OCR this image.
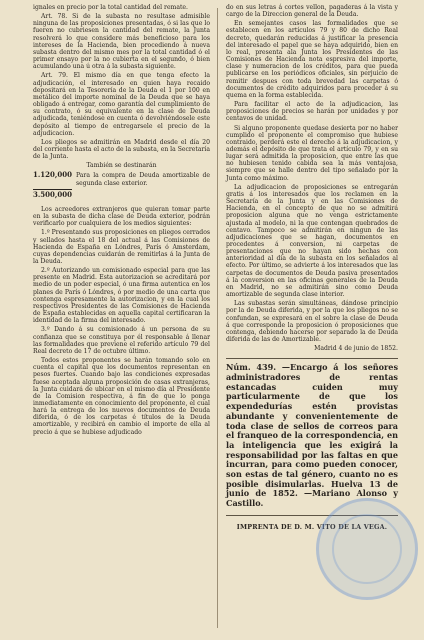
ignales en precio por la total cantidad del remate.

Art. 78. Si de la subasta no resultase admisible ninguna de las proposiciones presentadas, ó si las que lo fueren no cubriesen la cantidad del remate, la Junta resolverá lo que considere más beneficioso para los intereses de la Hacienda, bien procediendo á nueva subasta dentro del mismo mes por la total cantidad ó el primer ensayo por la no cubierta en el segundo, ó bien acumulando una ú otra á la subasta siguiente.

Art. 79. El mismo día en que tenga efecto la adjudicación, el interesado en quien haya recaido depositará en la Tesorería de la Deuda el 1 por 100 en metálico del importe nominal de la Deuda que se haya obligado á entregar, como garantía del cumplimiento de su contrato, ó su equivalente en la clase de Deuda adjudicada, teniéndose en cuenta ó devolviéndosele este depósito al tiempo de entregarsele el precio de la adjudicacion.

Los pliegos se admitirán en Madrid desde el día 20 del corriente hasta el acto de la subasta, en la Secretaría de la Junta.

También se destinarán

1.120,000 Para la compra de Deuda amortizable de segunda clase exterior.
3.500,000

Los acreedores extranjeros que quieran tomar parte en la subasta de dicha clase de Deuda exterior, podrán verificarlo por cualquiera de los medios siguientes:

1.º Presentando sus proposiciones en pliegos cerrados y sellados hasta el 18 del actual á las Comisiones de Hacienda de España en Lóndres, París ó Amsterdam, cuyas dependencias cuidarán de remitirlas á la Junta de la Deuda.

2.º Autorizando un comisionado especial para que las presente en Madrid. Esta autorizacion se acreditará por medio de un poder especial, ó una firma autentica en los planes de París ó Lóndres, ó por medio de una carta que contenga espresamente la autorizacion, y en la cual los respectivos Presidentes de las Comisiones de Hacienda de España establecidas en aquella capital certificaran la identidad de la firma del interesado.

3.º Dando á su comisionado á un persona de su confianza que se constituya por él responsable á llenar las formalidades que previene el referido artículo 79 del Real decreto de 17 de octubre último.

Todos estos proponentes se harán tomando solo en cuenta el capital que los documentos representan en pesos fuertes. Cuando bajo las condiciones expresadas fuese aceptada alguna proposición de casas extranjeras, la Junta cuidará de ubicar en el mismo día al Presidente de la Comision respectiva, á fin de que lo ponga inmediatamente en conocimiento del proponente, el cual hará la entrega de los nuevos documentos de Deuda diferida, ó de los carpetas é títulos de la Deuda amortizable, y recibirá en cambio el importe de ella al precio á que se hubiese adjudicado

do en sus letras á cortes vellon, pagaderas á la vista y cargo de la Direccion general de la Deuda.

En semejantes casos las formalidades que se establecen en los artículos 79 y 80 de dicho Real decreto, quedarán reducidas á justificar la presencia del interesado el papel que se haya adquirido, bien en lo real, presenta ala Junta los Presidentes de las Comisiones de Hacienda nota espresiva del importe, clase y numeracion de los créditos, para que pueda publicarse en los periódicos oficiales, sin perjuicio de remitir despues con toda brevedad las carpetas ó documentos de crédito adquiridos para proceder á su quema en la forma establecida.

Para facilitar el acto de la adjudicacion, las proposiciones de precios se harán por unidades y por centavos de unidad.

Si alguno proponente quedase desierta por no haber cumplido el proponente el compromiso que hubiese contraido, perderá este el derecho á la adjudicacion, y además el depósito de que trata el artículo 79, y en su lugar será admitida la proposicion, que entre las que no hubiesen tenido cabida sea la más ventajosa, siempre que se halle dentro del tipo señalado por la Junta como máximo.

La adjudicacion de proposiciones se entregarán gratis á los interesados que los reclamen en la Secretaría de la Junta y en las Comisiones de Hacienda, en el concepto de que no se admitirá proposicion alguna que no venga estrictamente ajustada al modelo, ni la que contengan quebrados de centavo. Tampoco se admitirán en ningun de las adjudicaciones que se hagan, documentos en procedentes á conversion, ni carpetas de presentaciones que no hayan sido hechas con anterioridad al día de la subasta en los señalados al efecto. Por último, se advierte á los interesados que las carpetas de documentos de Deuda pasiva presentados á la conversion en las oficinas generales de la Deuda en Madrid, no se admitirán sino como Deuda amortizable de segunda clase interior.

Las subastas serán simultáneas, dándose principio por la de Deuda diferida, y por la que los pliegos no se confundan, se expresará en el sobre la clase de Deuda á que corresponde la proposicion ó proposiciones que contenga, debiendo hacerse por separado la de Deuda diferida de las de Amortizable.

Madrid 4 de junio de 1852.

Núm. 439. —Encargo á los señores administradores de rentas estancadas cuiden muy particularmente de que los expendedurías estén provistas abundante y convenientemente de toda clase de sellos de correos para el franqueo de la correspondencia, en la inteligencia que les exigirá la responsabilidad por las faltas en que incurran, para como pueden conocer, son estas de tal género, cuanto no es posible disimularlas. Huelva 13 de junio de 1852. —Mariano Alonso y Castillo.

IMPRENTA DE D. M. VITO DE LA VEGA.
